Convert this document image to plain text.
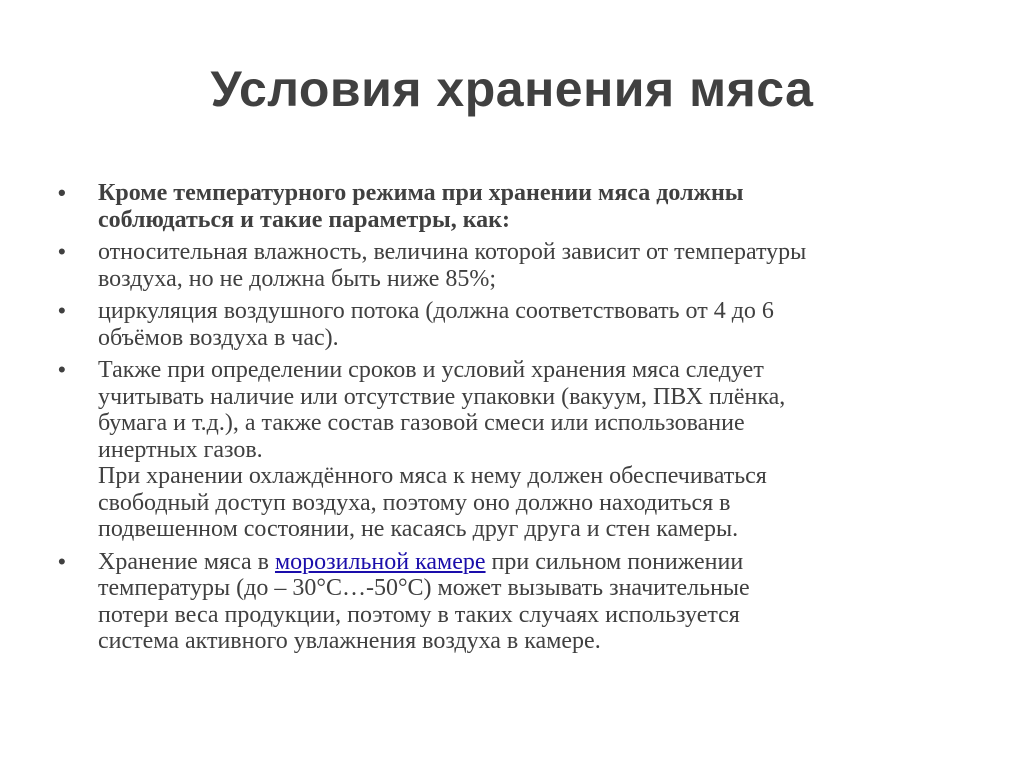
Условия хранения мяса
•	Кроме температурного режима при хранении мяса должны
соблюдаться и такие параметры, как:
•	относительная влажность, величина которой зависит от температуры
воздуха, но не должна быть ниже 85%;
•	циркуляция воздушного потока (должна соответствовать от 4 до 6
объёмов воздуха в час).
•	Также при определении сроков и условий хранения мяса следует
учитывать наличие или отсутствие упаковки (вакуум, ПВХ плёнка,
бумага и т.д.), а также состав газовой смеси или использование
инертных газов.
При хранении охлаждённого мяса к нему должен обеспечиваться
свободный доступ воздуха, поэтому оно должно находиться в
подвешенном состоянии, не касаясь друг друга и стен камеры.
•	Хранение мяса в морозильной камере при сильном понижении
температуры (до – 30°С…-50°С) может вызывать значительные
потери веса продукции, поэтому в таких случаях используется
система активного увлажнения воздуха в камере.
